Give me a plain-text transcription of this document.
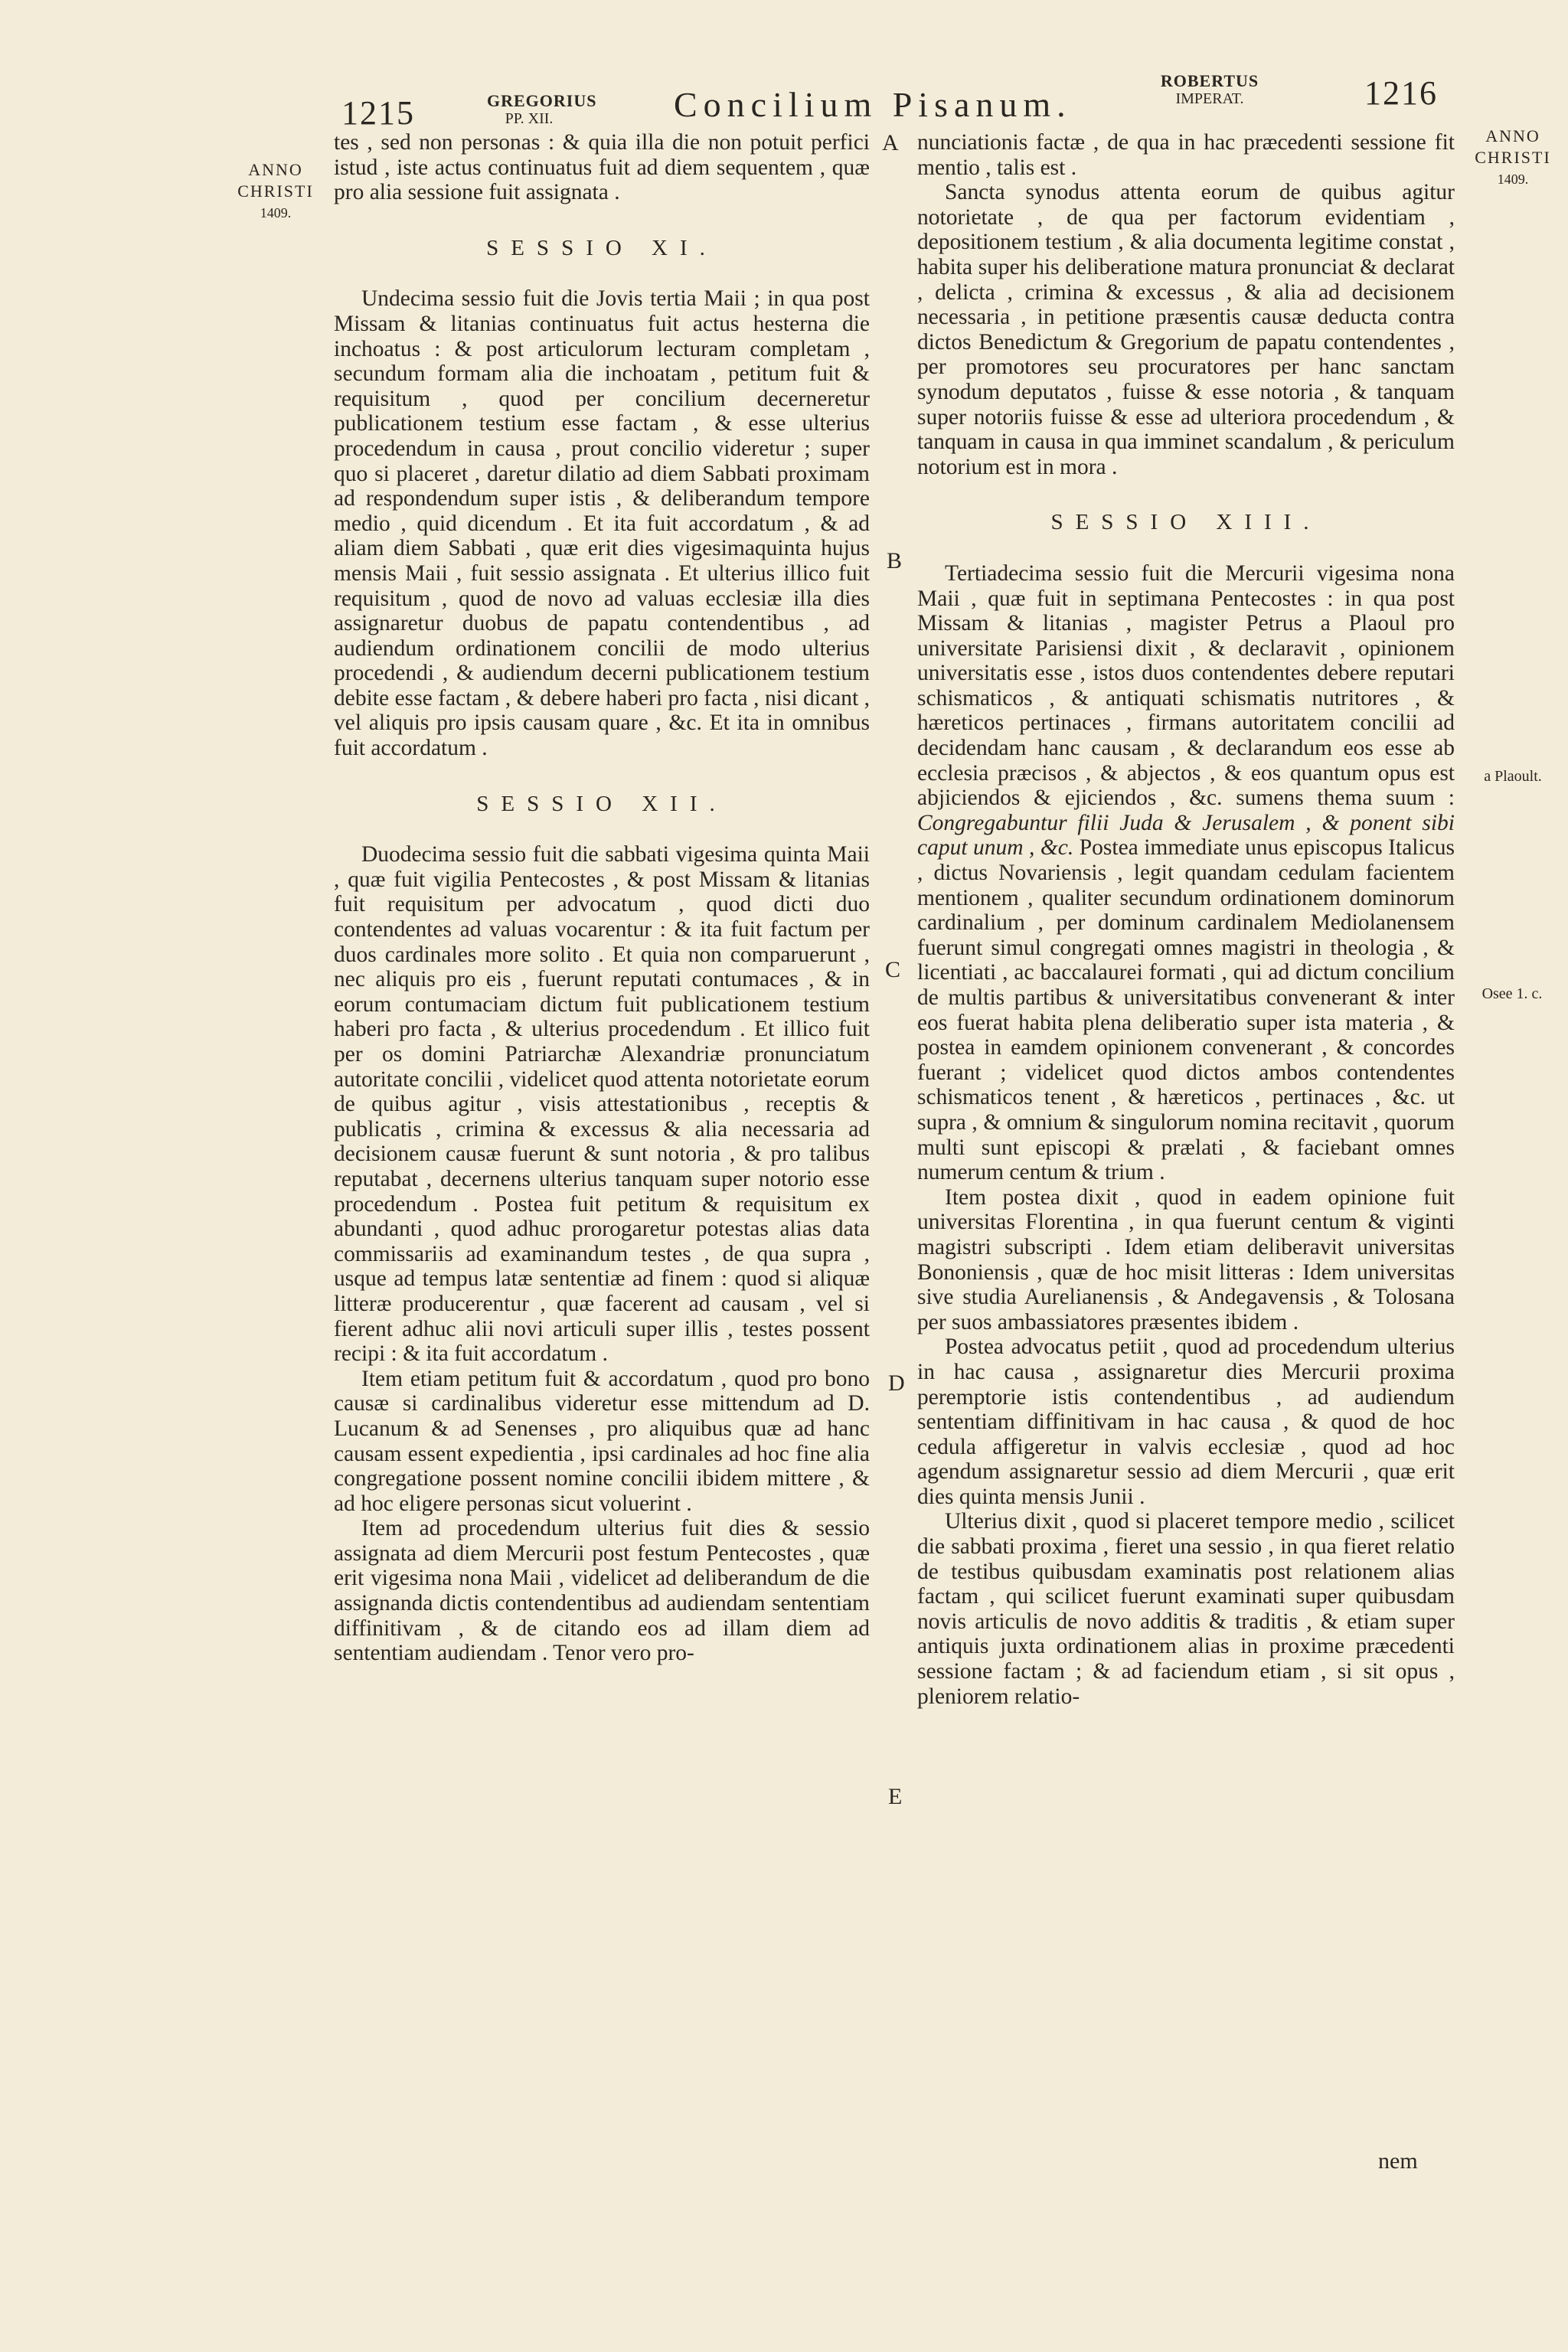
1215	GREGORIUS
PP. XII.	Concilium Pisanum.
ROBERTUS
IMPERAT.	1216
ANNO
CHRISTI
1409.
ANNO
CHRISTI
1409.
a Plaoult.
Osee 1. c.
A
B
C
D
E

tes , sed non personas : & quia illa die non potuit perfici istud , iste actus continuatus fuit ad diem sequentem , quæ pro alia sessione fuit assignata .

SESSIO XI.

Undecima sessio fuit die Jovis tertia Maii ; in qua post Missam & litanias continuatus fuit actus hesterna die inchoatus : & post articulorum lecturam completam , secundum formam alia die inchoatam , petitum fuit & requisitum , quod per concilium decerneretur publicationem testium esse factam , & esse ulterius procedendum in causa , prout concilio videretur ; super quo si placeret , daretur dilatio ad diem Sabbati proximam ad respondendum super istis , & deliberandum tempore medio , quid dicendum . Et ita fuit accordatum , & ad aliam diem Sabbati , quæ erit dies vigesimaquinta hujus mensis Maii , fuit sessio assignata . Et ulterius illico fuit requisitum , quod de novo ad valuas ecclesiæ illa dies assignaretur duobus de papatu contendentibus , ad audiendum ordinationem concilii de modo ulterius procedendi , & audiendum decerni publicationem testium debite esse factam , & debere haberi pro facta , nisi dicant , vel aliquis pro ipsis causam quare , &c. Et ita in omnibus fuit accordatum .

SESSIO XII.

Duodecima sessio fuit die sabbati vigesima quinta Maii , quæ fuit vigilia Pentecostes , & post Missam & litanias fuit requisitum per advocatum , quod dicti duo contendentes ad valuas vocarentur : & ita fuit factum per duos cardinales more solito . Et quia non comparuerunt , nec aliquis pro eis , fuerunt reputati contumaces , & in eorum contumaciam dictum fuit publicationem testium haberi pro facta , & ulterius procedendum . Et illico fuit per os domini Patriarchæ Alexandriæ pronunciatum autoritate concilii , videlicet quod attenta notorietate eorum de quibus agitur , visis attestationibus , receptis & publicatis , crimina & excessus & alia necessaria ad decisionem causæ fuerunt & sunt notoria , & pro talibus reputabat , decernens ulterius tanquam super notorio esse procedendum . Postea fuit petitum & requisitum ex abundanti , quod adhuc prorogaretur potestas alias data commissariis ad examinandum testes , de qua supra , usque ad tempus latæ sententiæ ad finem : quod si aliquæ litteræ producerentur , quæ facerent ad causam , vel si fierent adhuc alii novi articuli super illis , testes possent recipi : & ita fuit accordatum .

Item etiam petitum fuit & accordatum , quod pro bono causæ si cardinalibus videretur esse mittendum ad D. Lucanum & ad Senenses , pro aliquibus quæ ad hanc causam essent expedientia , ipsi cardinales ad hoc fine alia congregatione possent nomine concilii ibidem mittere , & ad hoc eligere personas sicut voluerint .

Item ad procedendum ulterius fuit dies & sessio assignata ad diem Mercurii post festum Pentecostes , quæ erit vigesima nona Maii , videlicet ad deliberandum de die assignanda dictis contendentibus ad audiendam sententiam diffinitivam , & de citando eos ad illam diem ad sententiam audiendam . Tenor vero pro-

nunciationis factæ , de qua in hac præcedenti sessione fit mentio , talis est .

Sancta synodus attenta eorum de quibus agitur notorietate , de qua per factorum evidentiam , depositionem testium , & alia documenta legitime constat , habita super his deliberatione matura pronunciat & declarat , delicta , crimina & excessus , & alia ad decisionem necessaria , in petitione præsentis causæ deducta contra dictos Benedictum & Gregorium de papatu contendentes , per promotores seu procuratores per hanc sanctam synodum deputatos , fuisse & esse notoria , & tanquam super notoriis fuisse & esse ad ulteriora procedendum , & tanquam in causa in qua imminet scandalum , & periculum notorium est in mora .

SESSIO XIII.

Tertiadecima sessio fuit die Mercurii vigesima nona Maii , quæ fuit in septimana Pentecostes : in qua post Missam & litanias , magister Petrus a Plaoul pro universitate Parisiensi dixit , & declaravit , opinionem universitatis esse , istos duos contendentes debere reputari schismaticos , & antiquati schismatis nutritores , & hæreticos pertinaces , firmans autoritatem concilii ad decidendam hanc causam , & declarandum eos esse ab ecclesia præcisos , & abjectos , & eos quantum opus est abjiciendos & ejiciendos , &c. sumens thema suum : Congregabuntur filii Juda & Jerusalem , & ponent sibi caput unum , &c. Postea immediate unus episcopus Italicus , dictus Novariensis , legit quandam cedulam facientem mentionem , qualiter secundum ordinationem dominorum cardinalium , per dominum cardinalem Mediolanensem fuerunt simul congregati omnes magistri in theologia , & licentiati , ac baccalaurei formati , qui ad dictum concilium de multis partibus & universitatibus convenerant & inter eos fuerat habita plena deliberatio super ista materia , & postea in eamdem opinionem convenerant , & concordes fuerant ; videlicet quod dictos ambos contendentes schismaticos tenent , & hæreticos , pertinaces , &c. ut supra , & omnium & singulorum nomina recitavit , quorum multi sunt episcopi & prælati , & faciebant omnes numerum centum & trium .

Item postea dixit , quod in eadem opinione fuit universitas Florentina , in qua fuerunt centum & viginti magistri subscripti . Idem etiam deliberavit universitas Bononiensis , quæ de hoc misit litteras : Idem universitas sive studia Aurelianensis , & Andegavensis , & Tolosana per suos ambassiatores præsentes ibidem .

Postea advocatus petiit , quod ad procedendum ulterius in hac causa , assignaretur dies Mercurii proxima peremptorie istis contendentibus , ad audiendum sententiam diffinitivam in hac causa , & quod de hoc cedula affigeretur in valvis ecclesiæ , quod ad hoc agendum assignaretur sessio ad diem Mercurii , quæ erit dies quinta mensis Junii .

Ulterius dixit , quod si placeret tempore medio , scilicet die sabbati proxima , fieret una sessio , in qua fieret relatio de testibus quibusdam examinatis post relationem alias factam , qui scilicet fuerunt examinati super quibusdam novis articulis de novo additis & traditis , & etiam super antiquis juxta ordinationem alias in proxime præcedenti sessione factam ; & ad faciendum etiam , si sit opus , pleniorem relatio-

nem
